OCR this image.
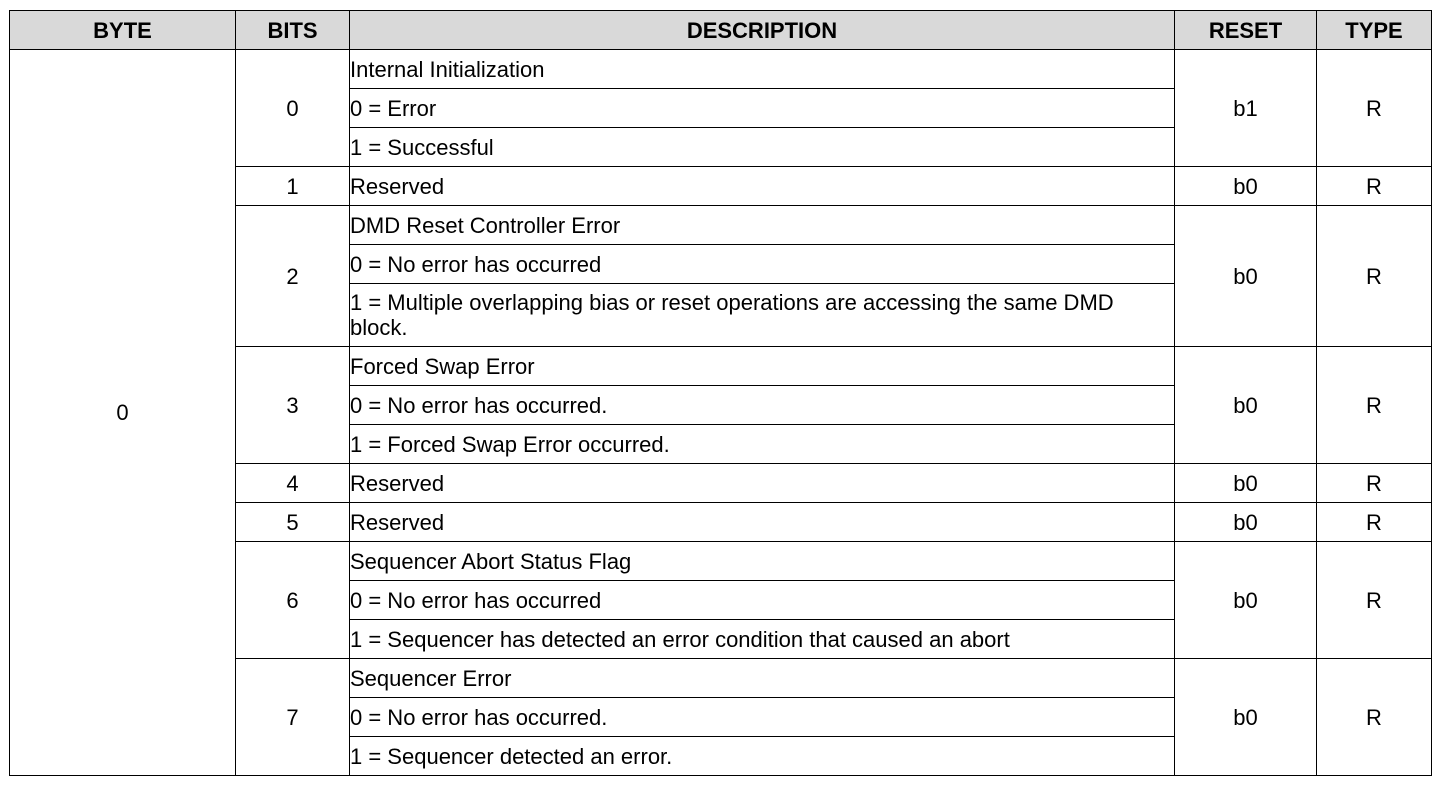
BYTE	BITS	DESCRIPTION	RESET	TYPE
0	0	Internal Initialization	b1	R
		0 = Error		
		1 = Successful		
	1	Reserved	b0	R
	2	DMD Reset Controller Error	b0	R
		0 = No error has occurred		
		1 = Multiple overlapping bias or reset operations are accessing the same DMD block.		
	3	Forced Swap Error	b0	R
		0 = No error has occurred.		
		1 = Forced Swap Error occurred.		
	4	Reserved	b0	R
	5	Reserved	b0	R
	6	Sequencer Abort Status Flag	b0	R
		0 = No error has occurred		
		1 = Sequencer has detected an error condition that caused an abort		
	7	Sequencer Error	b0	R
		0 = No error has occurred.		
		1 = Sequencer detected an error.		
